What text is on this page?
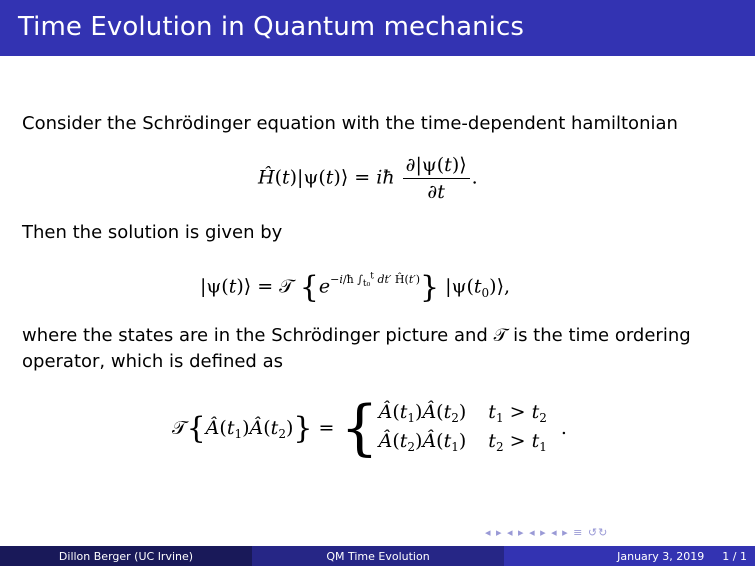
Time Evolution in Quantum mechanics
Consider the Schrödinger equation with the time-dependent hamiltonian
Ĥ(t)|ψ(t)⟩ = iħ $\frac{\partial|\psi(t)⟩}{\partial t}$ .
Then the solution is given by
|ψ(t)⟩ = 𝒯 $\{e^{-i/ħ \int_{t_0}^t dt' Ĥ(t')}\}$ $|\psi(t_0)⟩$,
where the states are in the Schrödinger picture and 𝒯 is the time ordering
operator, which is defined as
𝒯 { $Â(t_1)Â(t_2)$ } = { $Â(t_1)Â(t_2) t_1 > t_2$
$Â(t_2)Â(t_1) t_2 > t_1$
.
◂ ▸ ◂ ▸ ◂ ▸ ◂ ▸ ≡ ↺↻
Dillon Berger (UC Irvine)	QM Time Evolution	January 3, 2019 1 / 1
